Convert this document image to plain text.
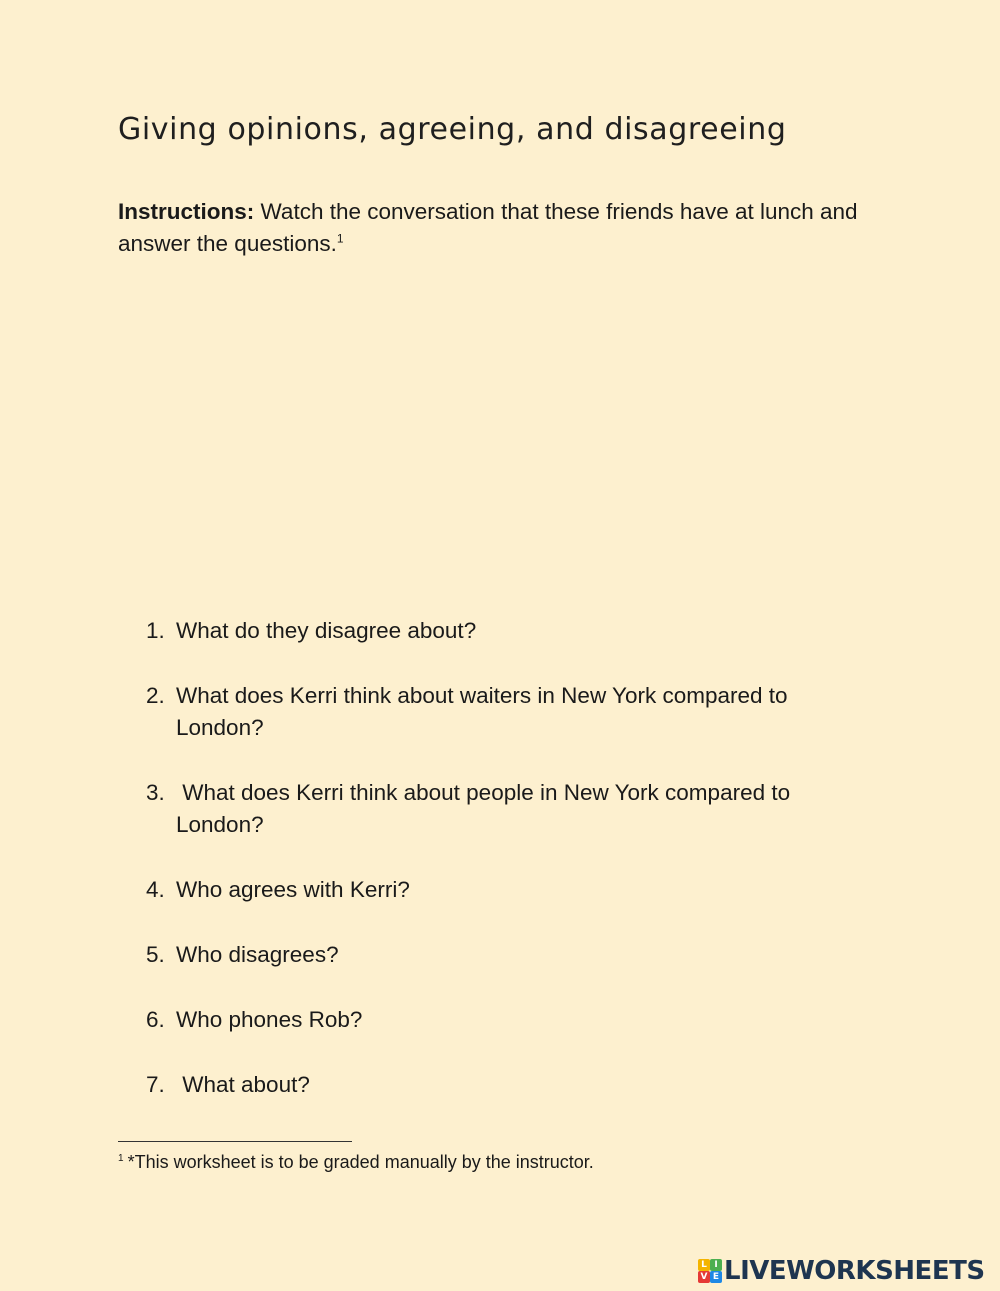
Giving opinions, agreeing, and disagreeing

Instructions: Watch the conversation that these friends have at lunch and answer the questions.$^1$

1. What do they disagree about?
2. What does Kerri think about waiters in New York compared to London?
3. What does Kerri think about people in New York compared to London?
4. Who agrees with Kerri?
5. Who disagrees?
6. Who phones Rob?
7. What about?

$^1$ *This worksheet is to be graded manually by the instructor.

L I
V E LIVEWORKSHEETS
